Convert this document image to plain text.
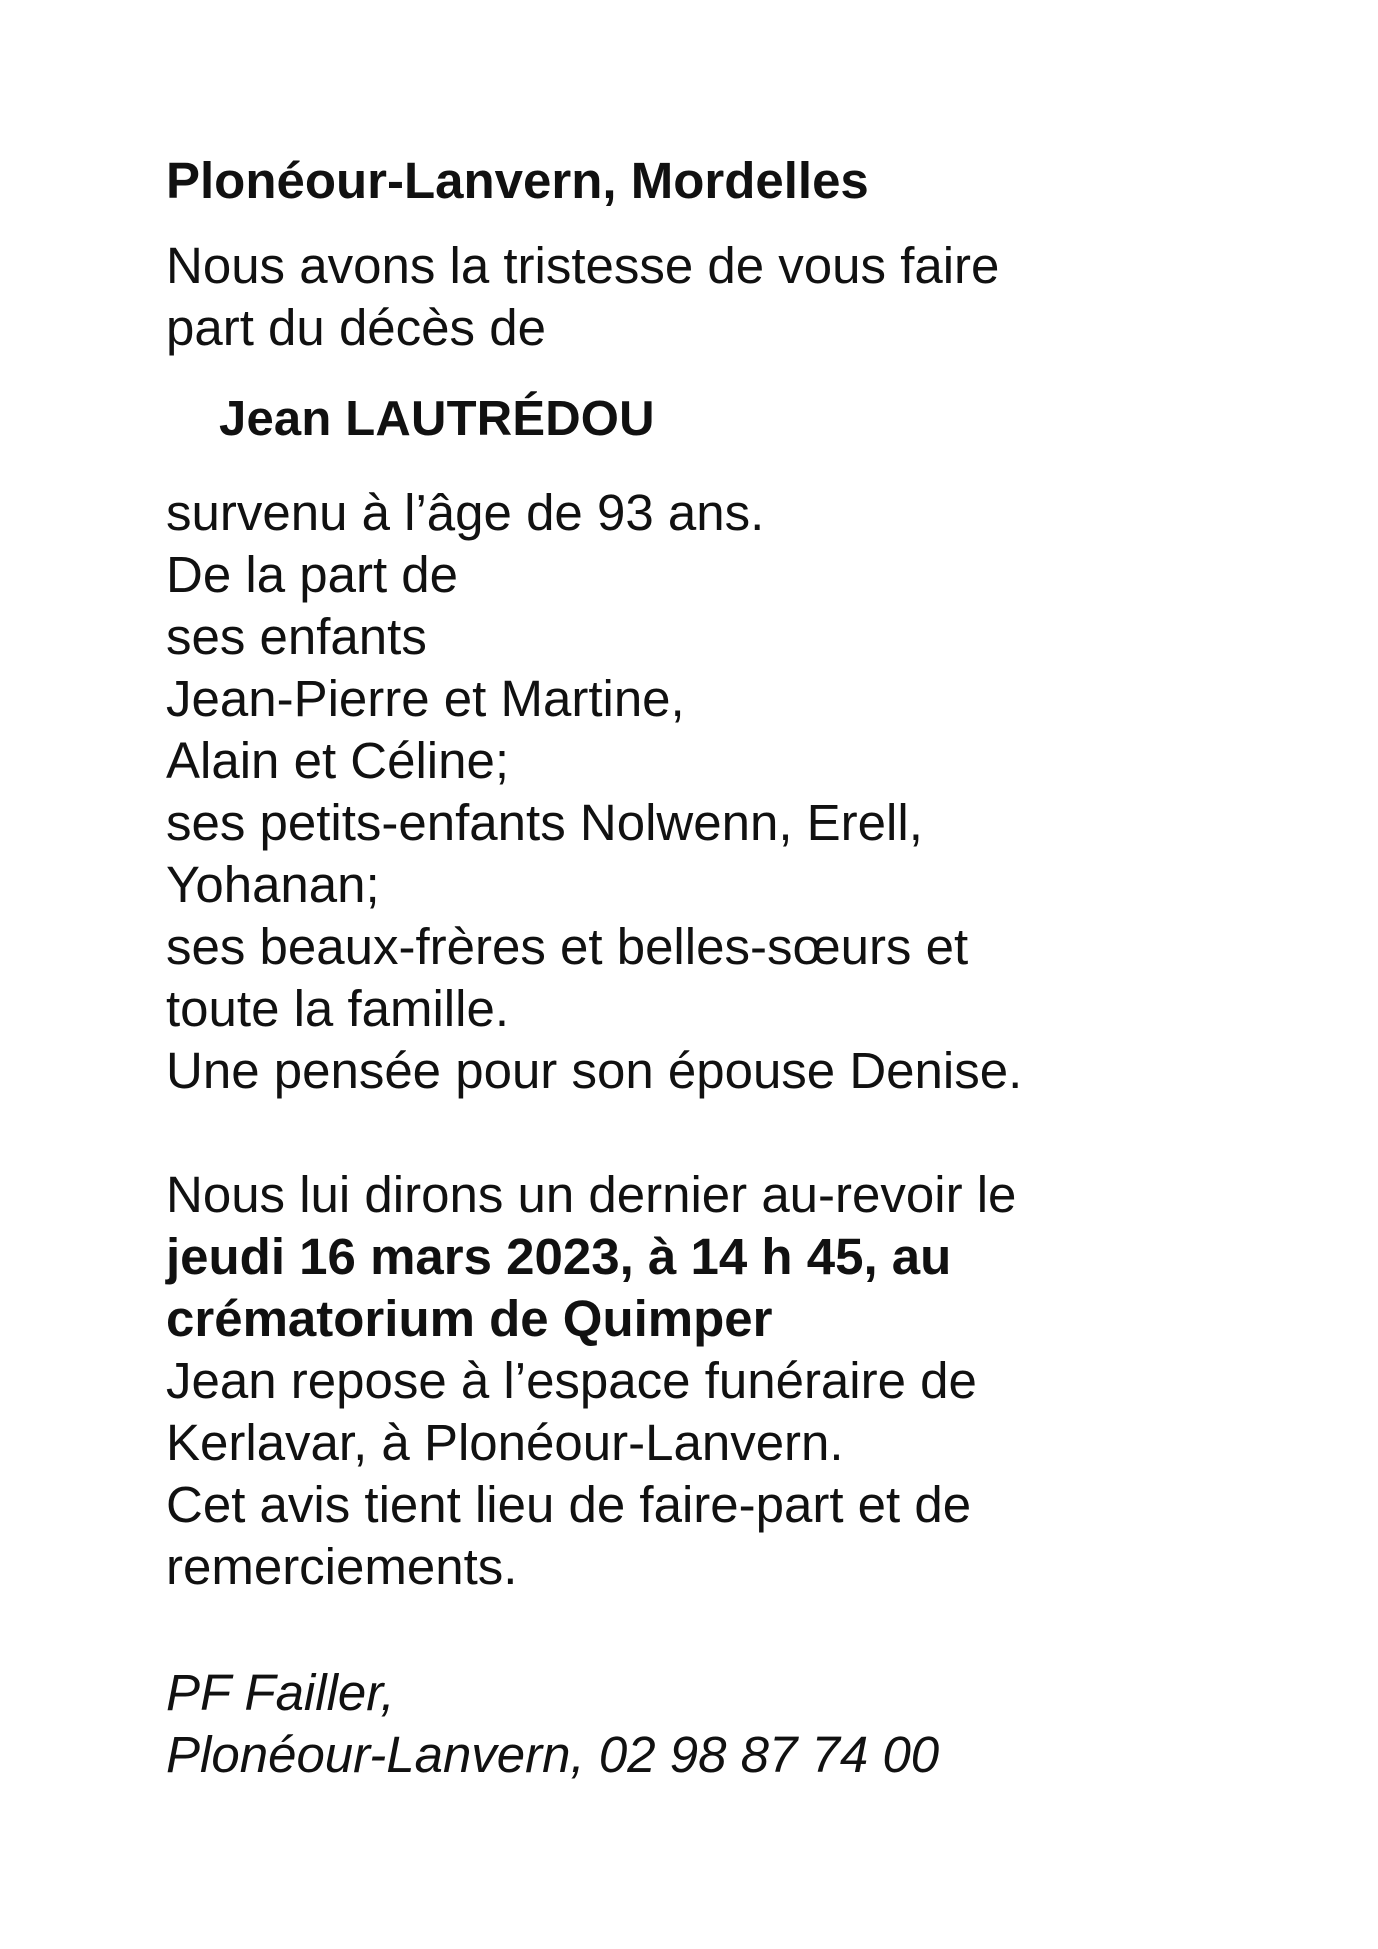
Plonéour-Lanvern, Mordelles

Nous avons la tristesse de vous faire
part du décès de

Jean LAUTRÉDOU

survenu à l’âge de 93 ans.
De la part de
ses enfants
Jean-Pierre et Martine,
Alain et Céline;
ses petits-enfants Nolwenn, Erell,
Yohanan;
ses beaux-frères et belles-sœurs et
toute la famille.
Une pensée pour son épouse Denise.

Nous lui dirons un dernier au-revoir le
jeudi 16 mars 2023, à 14 h 45, au
crématorium de Quimper
Jean repose à l’espace funéraire de
Kerlavar, à Plonéour-Lanvern.
Cet avis tient lieu de faire-part et de
remerciements.

PF Failler,
Plonéour-Lanvern, 02 98 87 74 00
